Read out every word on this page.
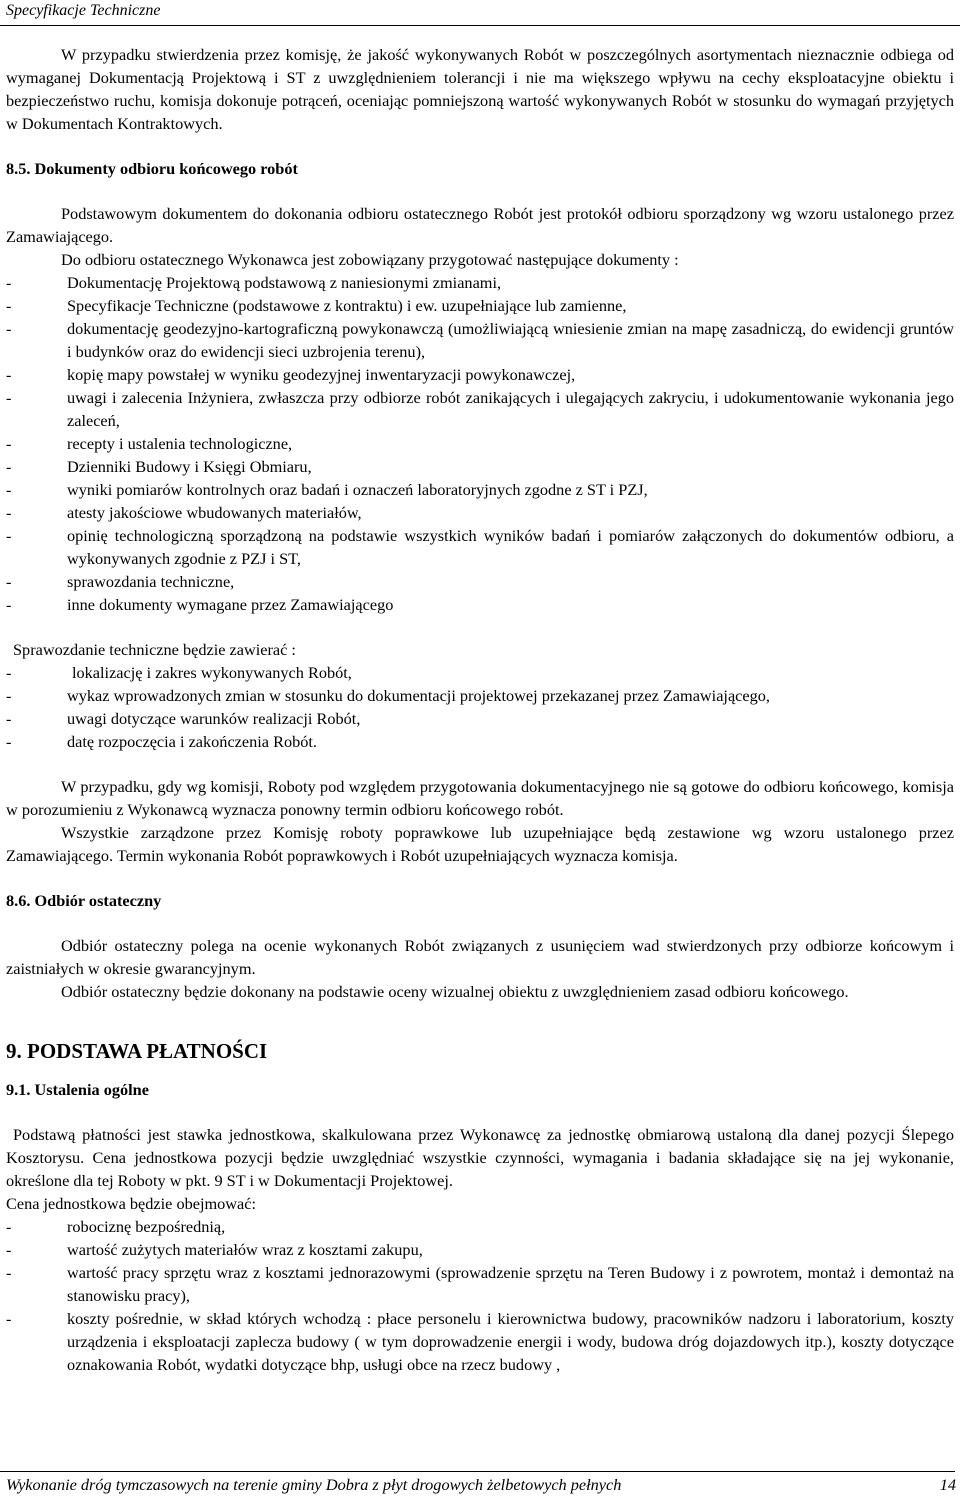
Specyfikacje Techniczne

W przypadku stwierdzenia przez komisję, że jakość wykonywanych Robót w poszczególnych asortymentach nieznacznie odbiega od wymaganej Dokumentacją Projektową i ST z uwzględnieniem tolerancji i nie ma większego wpływu na cechy eksploatacyjne obiektu i bezpieczeństwo ruchu, komisja dokonuje potrąceń, oceniając pomniejszoną wartość wykonywanych Robót w stosunku do wymagań przyjętych w Dokumentach Kontraktowych.

8.5. Dokumenty odbioru końcowego robót

Podstawowym dokumentem do dokonania odbioru ostatecznego Robót jest protokół odbioru sporządzony wg wzoru ustalonego przez Zamawiającego.

Do odbioru ostatecznego Wykonawca jest zobowiązany przygotować następujące dokumenty :

-	Dokumentację Projektową podstawową z naniesionymi zmianami,
-	Specyfikacje Techniczne (podstawowe z kontraktu) i ew. uzupełniające lub zamienne,
-	dokumentację geodezyjno-kartograficzną powykonawczą (umożliwiającą wniesienie zmian na mapę zasadniczą, do ewidencji gruntów i budynków oraz do ewidencji sieci uzbrojenia terenu),
-	kopię mapy powstałej w wyniku geodezyjnej inwentaryzacji powykonawczej,
-	uwagi i zalecenia Inżyniera, zwłaszcza przy odbiorze robót zanikających i ulegających zakryciu, i udokumentowanie wykonania jego zaleceń,
-	recepty i ustalenia technologiczne,
-	Dzienniki Budowy i Księgi Obmiaru,
-	wyniki pomiarów kontrolnych oraz badań i oznaczeń laboratoryjnych zgodne z ST i PZJ,
-	atesty jakościowe wbudowanych materiałów,
-	opinię technologiczną sporządzoną na podstawie wszystkich wyników badań i pomiarów załączonych do dokumentów odbioru, a wykonywanych zgodnie z PZJ i ST,
-	sprawozdania techniczne,
-	inne dokumenty wymagane przez Zamawiającego

Sprawozdanie techniczne będzie zawierać :

-	lokalizację i zakres wykonywanych Robót,
-	wykaz wprowadzonych zmian w stosunku do dokumentacji projektowej przekazanej przez Zamawiającego,
-	uwagi dotyczące warunków realizacji Robót,
-	datę rozpoczęcia i zakończenia Robót.

W przypadku, gdy wg komisji, Roboty pod względem przygotowania dokumentacyjnego nie są gotowe do odbioru końcowego, komisja w porozumieniu z Wykonawcą wyznacza ponowny termin odbioru końcowego robót.

Wszystkie zarządzone przez Komisję roboty poprawkowe lub uzupełniające będą zestawione wg wzoru ustalonego przez Zamawiającego. Termin wykonania Robót poprawkowych i Robót uzupełniających wyznacza komisja.

8.6. Odbiór ostateczny

Odbiór ostateczny polega na ocenie wykonanych Robót związanych z usunięciem wad stwierdzonych przy odbiorze końcowym i zaistniałych w okresie gwarancyjnym.

Odbiór ostateczny będzie dokonany na podstawie oceny wizualnej obiektu z uwzględnieniem zasad odbioru końcowego.

9. PODSTAWA PŁATNOŚCI

9.1. Ustalenia ogólne

Podstawą płatności jest stawka jednostkowa, skalkulowana przez Wykonawcę za jednostkę obmiarową ustaloną dla danej pozycji Ślepego Kosztorysu. Cena jednostkowa pozycji będzie uwzględniać wszystkie czynności, wymagania i badania składające się na jej wykonanie, określone dla tej Roboty w pkt. 9 ST i w Dokumentacji Projektowej.

Cena jednostkowa będzie obejmować:

-	robociznę bezpośrednią,
-	wartość zużytych materiałów wraz z kosztami zakupu,
-	wartość pracy sprzętu wraz z kosztami jednorazowymi (sprowadzenie sprzętu na Teren Budowy i z powrotem, montaż i demontaż na stanowisku pracy),
-	koszty pośrednie, w skład których wchodzą : płace personelu i kierownictwa budowy, pracowników nadzoru i laboratorium, koszty urządzenia i eksploatacji zaplecza budowy ( w tym doprowadzenie energii i wody, budowa dróg dojazdowych itp.), koszty dotyczące oznakowania Robót, wydatki dotyczące bhp, usługi obce na rzecz budowy ,
Wykonanie dróg tymczasowych na terenie gminy Dobra z płyt drogowych żelbetowych pełnych	14
